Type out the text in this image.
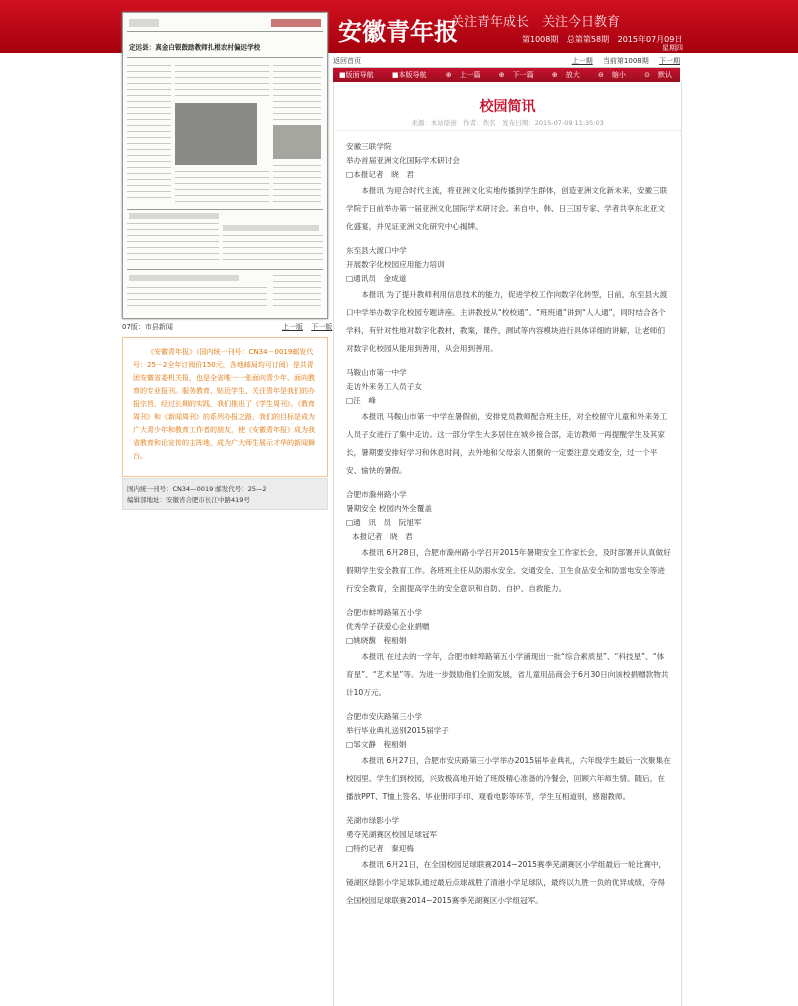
定远县：真金白银鼓励教师扎根农村偏远学校
安徽青年报
关注青年成长　关注今日教育
第1008期 总第第58期 2015年07月09日
星期四
返回首页	上一期 当前第1008期 下一期
■版面导航	■本版导航	⊕ 上一篇	⊕ 下一篇	⊕ 放大	⊖ 缩小	⊙ 默认
校园简讯
来源：本站原创　作者：佚名　发布日期：2015-07-09 11:35:03

安徽三联学院

举办首届亚洲文化国际学术研讨会

□本报记者　晓　君

本报讯 为迎合时代主流，将亚洲文化实地传播到学生群体，创造亚洲文化新未来，安徽三联学院于日前举办第一届亚洲文化国际学术研讨会。来自中、韩、日三国专家、学者共享东北亚文化盛宴，并见证亚洲文化研究中心揭牌。

东至县大渡口中学

开展数字化校园应用能力培训

□通讯员　金成道

本报讯 为了提升教师利用信息技术的能力，促进学校工作向数字化转型，日前，东至县大渡口中学举办数字化校园专题讲座。主讲教授从“校校通”、“班班通”讲到“人人通”，同时结合各个学科，有针对性地对数字化教材，教案，课件，测试等内容模块进行具体详细的讲解，让老师们对数字化校园从能用到善用，从会用到善用。

马鞍山市第一中学

走访外来务工人员子女

□汪　峰

本报讯 马鞍山市第一中学在暑假前，安排党员教师配合班主任，对全校留守儿童和外来务工人员子女进行了集中走访。这一部分学生大多居住在城乡接合部，走访教师一再提醒学生及其家长，暑期要安排好学习和休息时间，去外地和父母亲人团聚的一定要注意交通安全，过一个平安、愉快的暑假。

合肥市滁州路小学

暑期安全 校园内外全覆盖

□通　讯　员　阮旭军

本报记者　晓　君

本报讯 6月28日，合肥市滁州路小学召开2015年暑期安全工作家长会，及时部署并认真做好假期学生安全教育工作。各班班主任从防溺水安全、交通安全、卫生食品安全和防雷电安全等进行安全教育，全面提高学生的安全意识和自防、自护、自救能力。

合肥市蚌埠路第五小学

优秀学子获爱心企业捐赠

□姚晓馥　程相娟

本报讯 在过去的一学年，合肥市蚌埠路第五小学涌现出一批“综合素质星”、“科技星”、“体育星”、“艺术星”等。为进一步鼓励他们全面发展，省儿童用品商会于6月30日向该校捐赠款物共计10万元。

合肥市安庆路第三小学

举行毕业典礼送别2015届学子

□邹文静　程相娟

本报讯 6月27日，合肥市安庆路第三小学举办2015届毕业典礼，六年级学生最后一次聚集在校园里。学生们到校园，兴致极高地开始了班级精心准备的冷餐会，回顾六年师生情。随后，在播放PPT、T恤上签名、毕业册印手印、观看电影等环节，学生互相道别，感谢教师。

芜湖市绿影小学

勇夺芜湖赛区校园足球冠军

□特约记者　秦迎梅

本报讯 6月21日，在全国校园足球联赛2014~2015赛季芜湖赛区小学组最后一轮比赛中，镜湖区绿影小学足球队通过最后点球战胜了清港小学足球队，最终以九胜一负的优异成绩，夺得全国校园足球联赛2014~2015赛季芜湖赛区小学组冠军。

07版：市县新闻	上一版 下一版

《安徽青年报》（国内统一刊号：CN34－0019邮发代号：25－2全年订阅价150元，各地邮局均可订阅）是共青团安徽省委机关报，也是全省唯一一张面向青少年、面向教育的专业报刊。服务教育、贴近学生、关注青年是我们的办报宗旨，经过长期的实践，我们推出了《学生周刊》、《教育周刊》和《新闻周刊》的系列办报之路，我们的目标是成为广大青少年和教育工作者的朋友，使《安徽青年报》成为我省教育和论宣传的主阵地，成为广大师生展示才华的新闻舞台。

国内统一刊号：CN34—0019 邮发代号：25—2
编辑部地址：安徽省合肥市长江中路419号
